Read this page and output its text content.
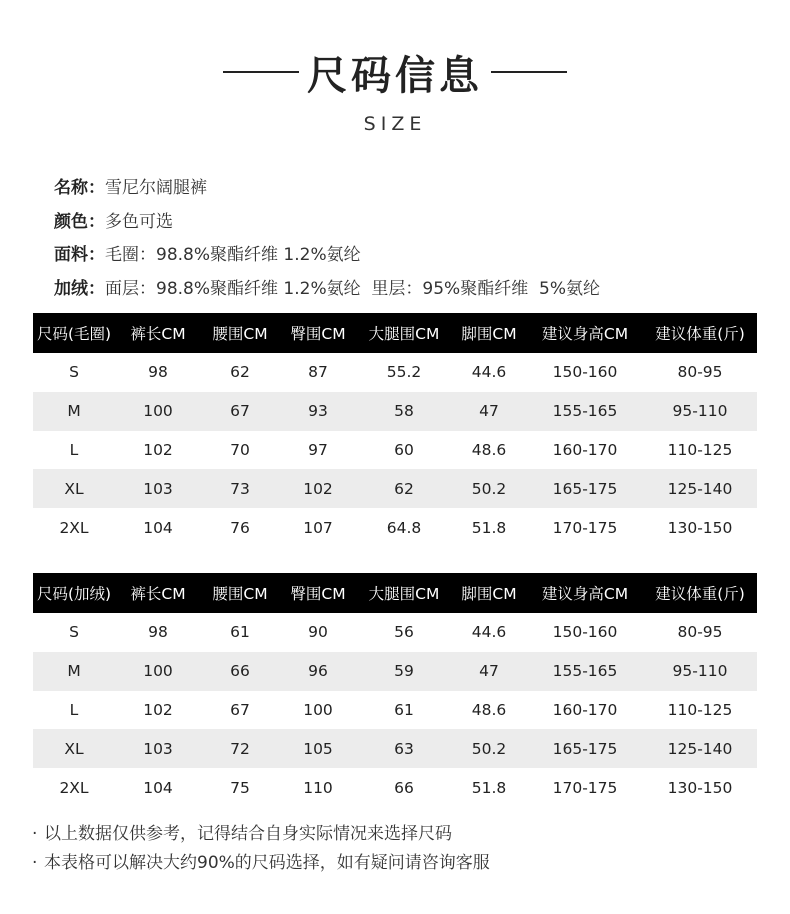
尺码信息
SIZE
名称：雪尼尔阔腿裤
颜色：多色可选
面料：毛圈：98.8%聚酯纤维 1.2%氨纶
加绒：面层：98.8%聚酯纤维 1.2%氨纶  里层：95%聚酯纤维  5%氨纶
尺码(毛圈)	裤长CM	腰围CM	臀围CM	大腿围CM	脚围CM	建议身高CM	建议体重(斤)
S	98	62	87	55.2	44.6	150-160	80-95
M	100	67	93	58	47	155-165	95-110
L	102	70	97	60	48.6	160-170	110-125
XL	103	73	102	62	50.2	165-175	125-140
2XL	104	76	107	64.8	51.8	170-175	130-150
尺码(加绒)	裤长CM	腰围CM	臀围CM	大腿围CM	脚围CM	建议身高CM	建议体重(斤)
S	98	61	90	56	44.6	150-160	80-95
M	100	66	96	59	47	155-165	95-110
L	102	67	100	61	48.6	160-170	110-125
XL	103	72	105	63	50.2	165-175	125-140
2XL	104	75	110	66	51.8	170-175	130-150
· 以上数据仅供参考，记得结合自身实际情况来选择尺码
· 本表格可以解决大约90%的尺码选择，如有疑问请咨询客服
